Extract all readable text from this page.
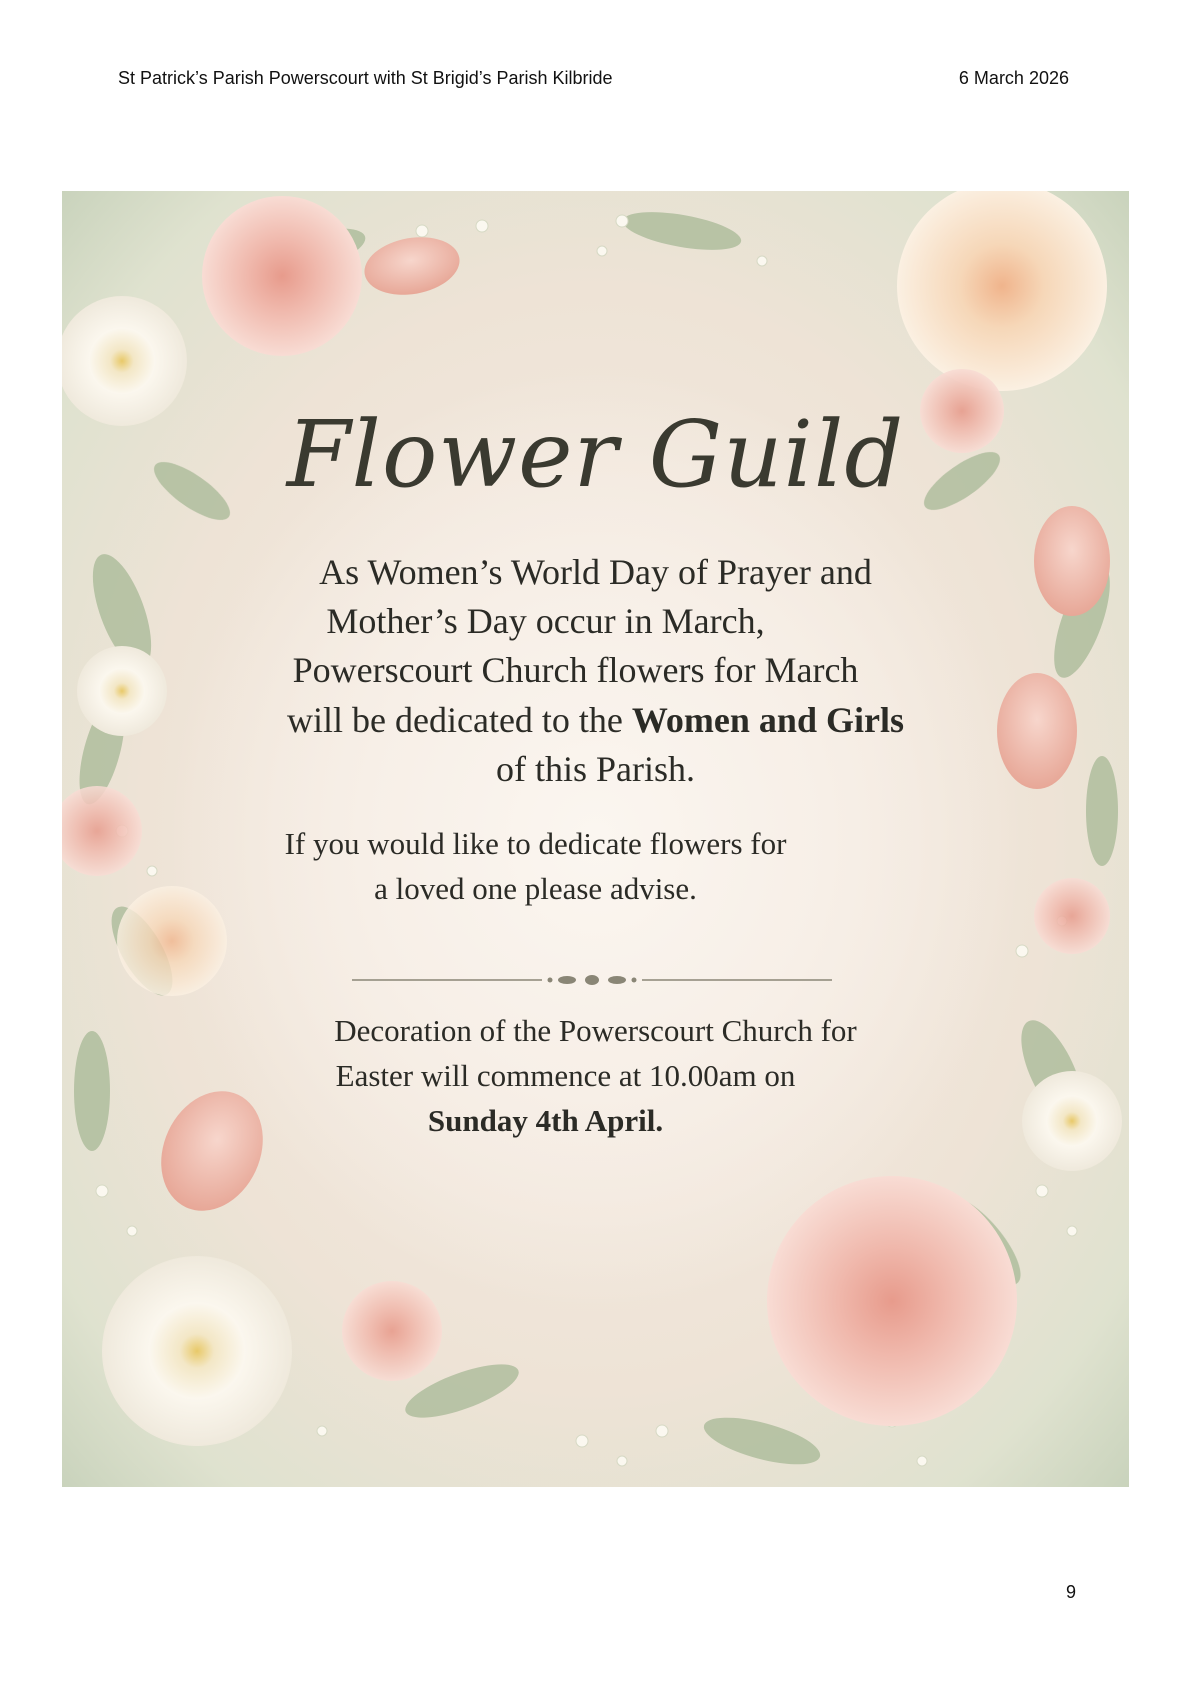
St Patrick’s Parish Powerscourt with St Brigid’s Parish Kilbride	6 March 2026
Flower Guild
As Women’s World Day of Prayer and
Mother’s Day occur in March,
Powerscourt Church flowers for March
will be dedicated to the Women and Girls
of this Parish.
If you would like to dedicate flowers for
a loved one please advise.
Decoration of the Powerscourt Church for
Easter will commence at 10.00am on
Sunday 4th April.
9
